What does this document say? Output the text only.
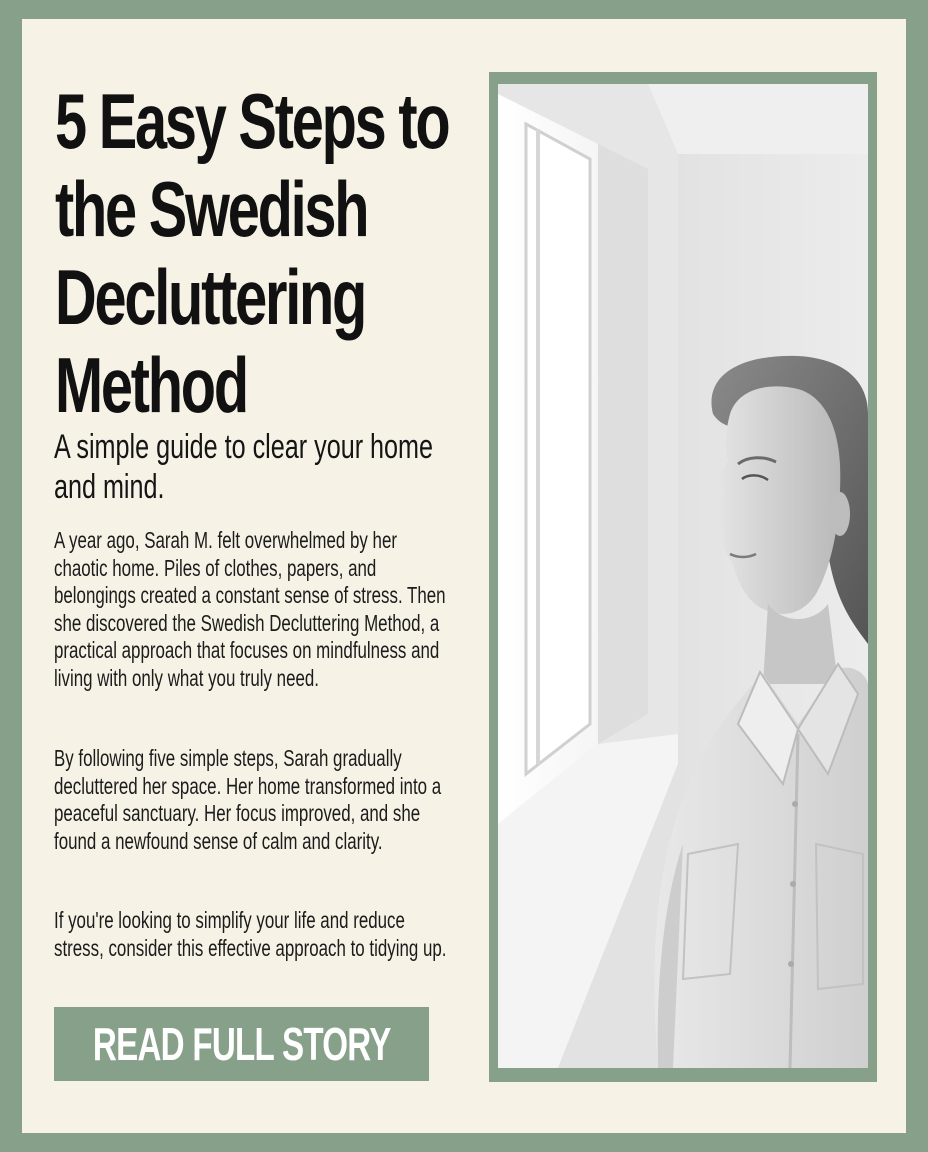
5 Easy Steps to the Swedish Decluttering Method
A simple guide to clear your home and mind.

A year ago, Sarah M. felt overwhelmed by her chaotic home. Piles of clothes, papers, and belongings created a constant sense of stress. Then she discovered the Swedish Decluttering Method, a practical approach that focuses on mindfulness and living with only what you truly need.

By following five simple steps, Sarah gradually decluttered her space. Her home transformed into a peaceful sanctuary. Her focus improved, and she found a newfound sense of calm and clarity.

If you're looking to simplify your life and reduce stress, consider this effective approach to tidying up.

READ FULL STORY
